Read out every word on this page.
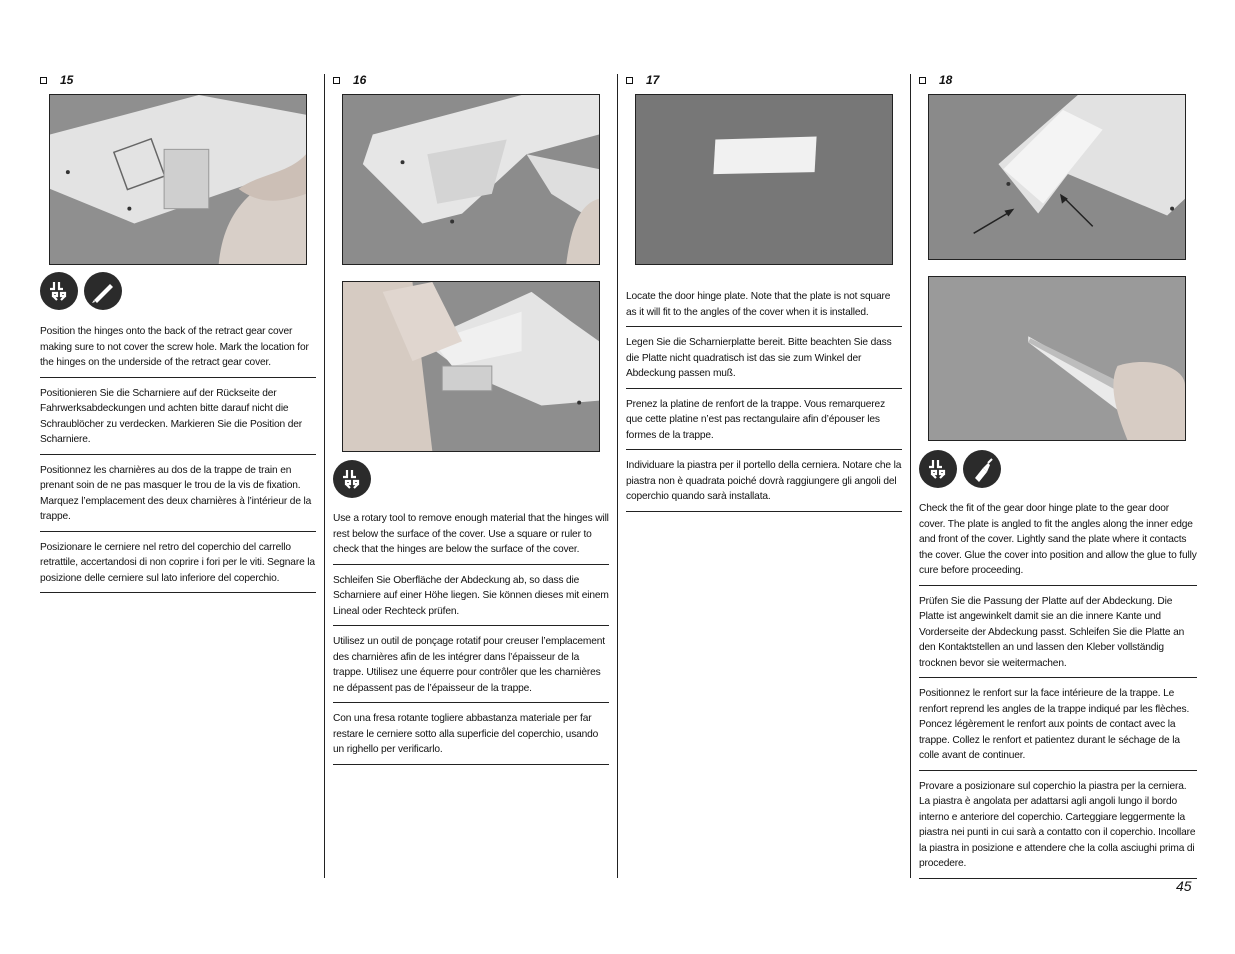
15
Position the hinges onto the back of the retract gear cover making sure to not cover the screw hole. Mark the location for the hinges on the underside of the retract gear cover.
Positionieren Sie die Scharniere auf der Rückseite der Fahrwerksabdeckungen und achten bitte darauf nicht die Schraublöcher zu verdecken. Markieren Sie die Position der Scharniere.
Positionnez les charnières au dos de la trappe de train en prenant soin de ne pas masquer le trou de la vis de fixation. Marquez l’emplacement des deux charnières à l’intérieur de la trappe.
Posizionare le cerniere nel retro del coperchio del carrello retrattile, accertandosi di non coprire i fori per le viti. Segnare la posizione delle cerniere sul lato inferiore del coperchio.
16
Use a rotary tool to remove enough material that the hinges will rest below the surface of the cover. Use a square or ruler to check that the hinges are below the surface of the cover.
Schleifen Sie Oberfläche der Abdeckung ab, so dass die Scharniere auf einer Höhe liegen. Sie können dieses mit einem Lineal oder Rechteck prüfen.
Utilisez un outil de ponçage rotatif pour creuser l’emplacement des charnières afin de les intégrer dans l’épaisseur de la trappe. Utilisez une équerre pour contrôler que les charnières ne dépassent pas de l’épaisseur de la trappe.
Con una fresa rotante togliere abbastanza materiale per far restare le cerniere sotto alla superficie del coperchio, usando un righello per verificarlo.
17
Locate the door hinge plate. Note that the plate is not square as it will fit to the angles of the cover when it is installed.
Legen Sie die Scharnierplatte bereit. Bitte beachten Sie dass die Platte nicht quadratisch ist das sie zum Winkel der Abdeckung passen muß.
Prenez la platine de renfort de la trappe. Vous remarquerez que cette platine n’est pas rectangulaire afin d’épouser les formes de la trappe.
Individuare la piastra per il portello della cerniera. Notare che la piastra non è quadrata poiché dovrà raggiungere gli angoli del coperchio quando sarà installata.
18
Check the fit of the gear door hinge plate to the gear door cover. The plate is angled to fit the angles along the inner edge and front of the cover. Lightly sand the plate where it contacts the cover. Glue the cover into position and allow the glue to fully cure before proceeding.
Prüfen Sie die Passung der Platte auf der Abdeckung. Die Platte ist angewinkelt damit sie an die innere Kante und Vorderseite der Abdeckung passt. Schleifen Sie die Platte an den Kontaktstellen an und lassen den Kleber vollständig trocknen bevor sie weitermachen.
Positionnez le renfort sur la face intérieure de la trappe. Le renfort reprend les angles de la trappe indiqué par les flèches. Poncez légèrement le renfort aux points de contact avec la trappe. Collez le renfort et patientez durant le séchage de la colle avant de continuer.
Provare a posizionare sul coperchio la piastra per la cerniera. La piastra è angolata per adattarsi agli angoli lungo il bordo interno e anteriore del coperchio. Carteggiare leggermente la piastra nei punti in cui sarà a contatto con il coperchio. Incollare la piastra in posizione e attendere che la colla asciughi prima di procedere.
45
